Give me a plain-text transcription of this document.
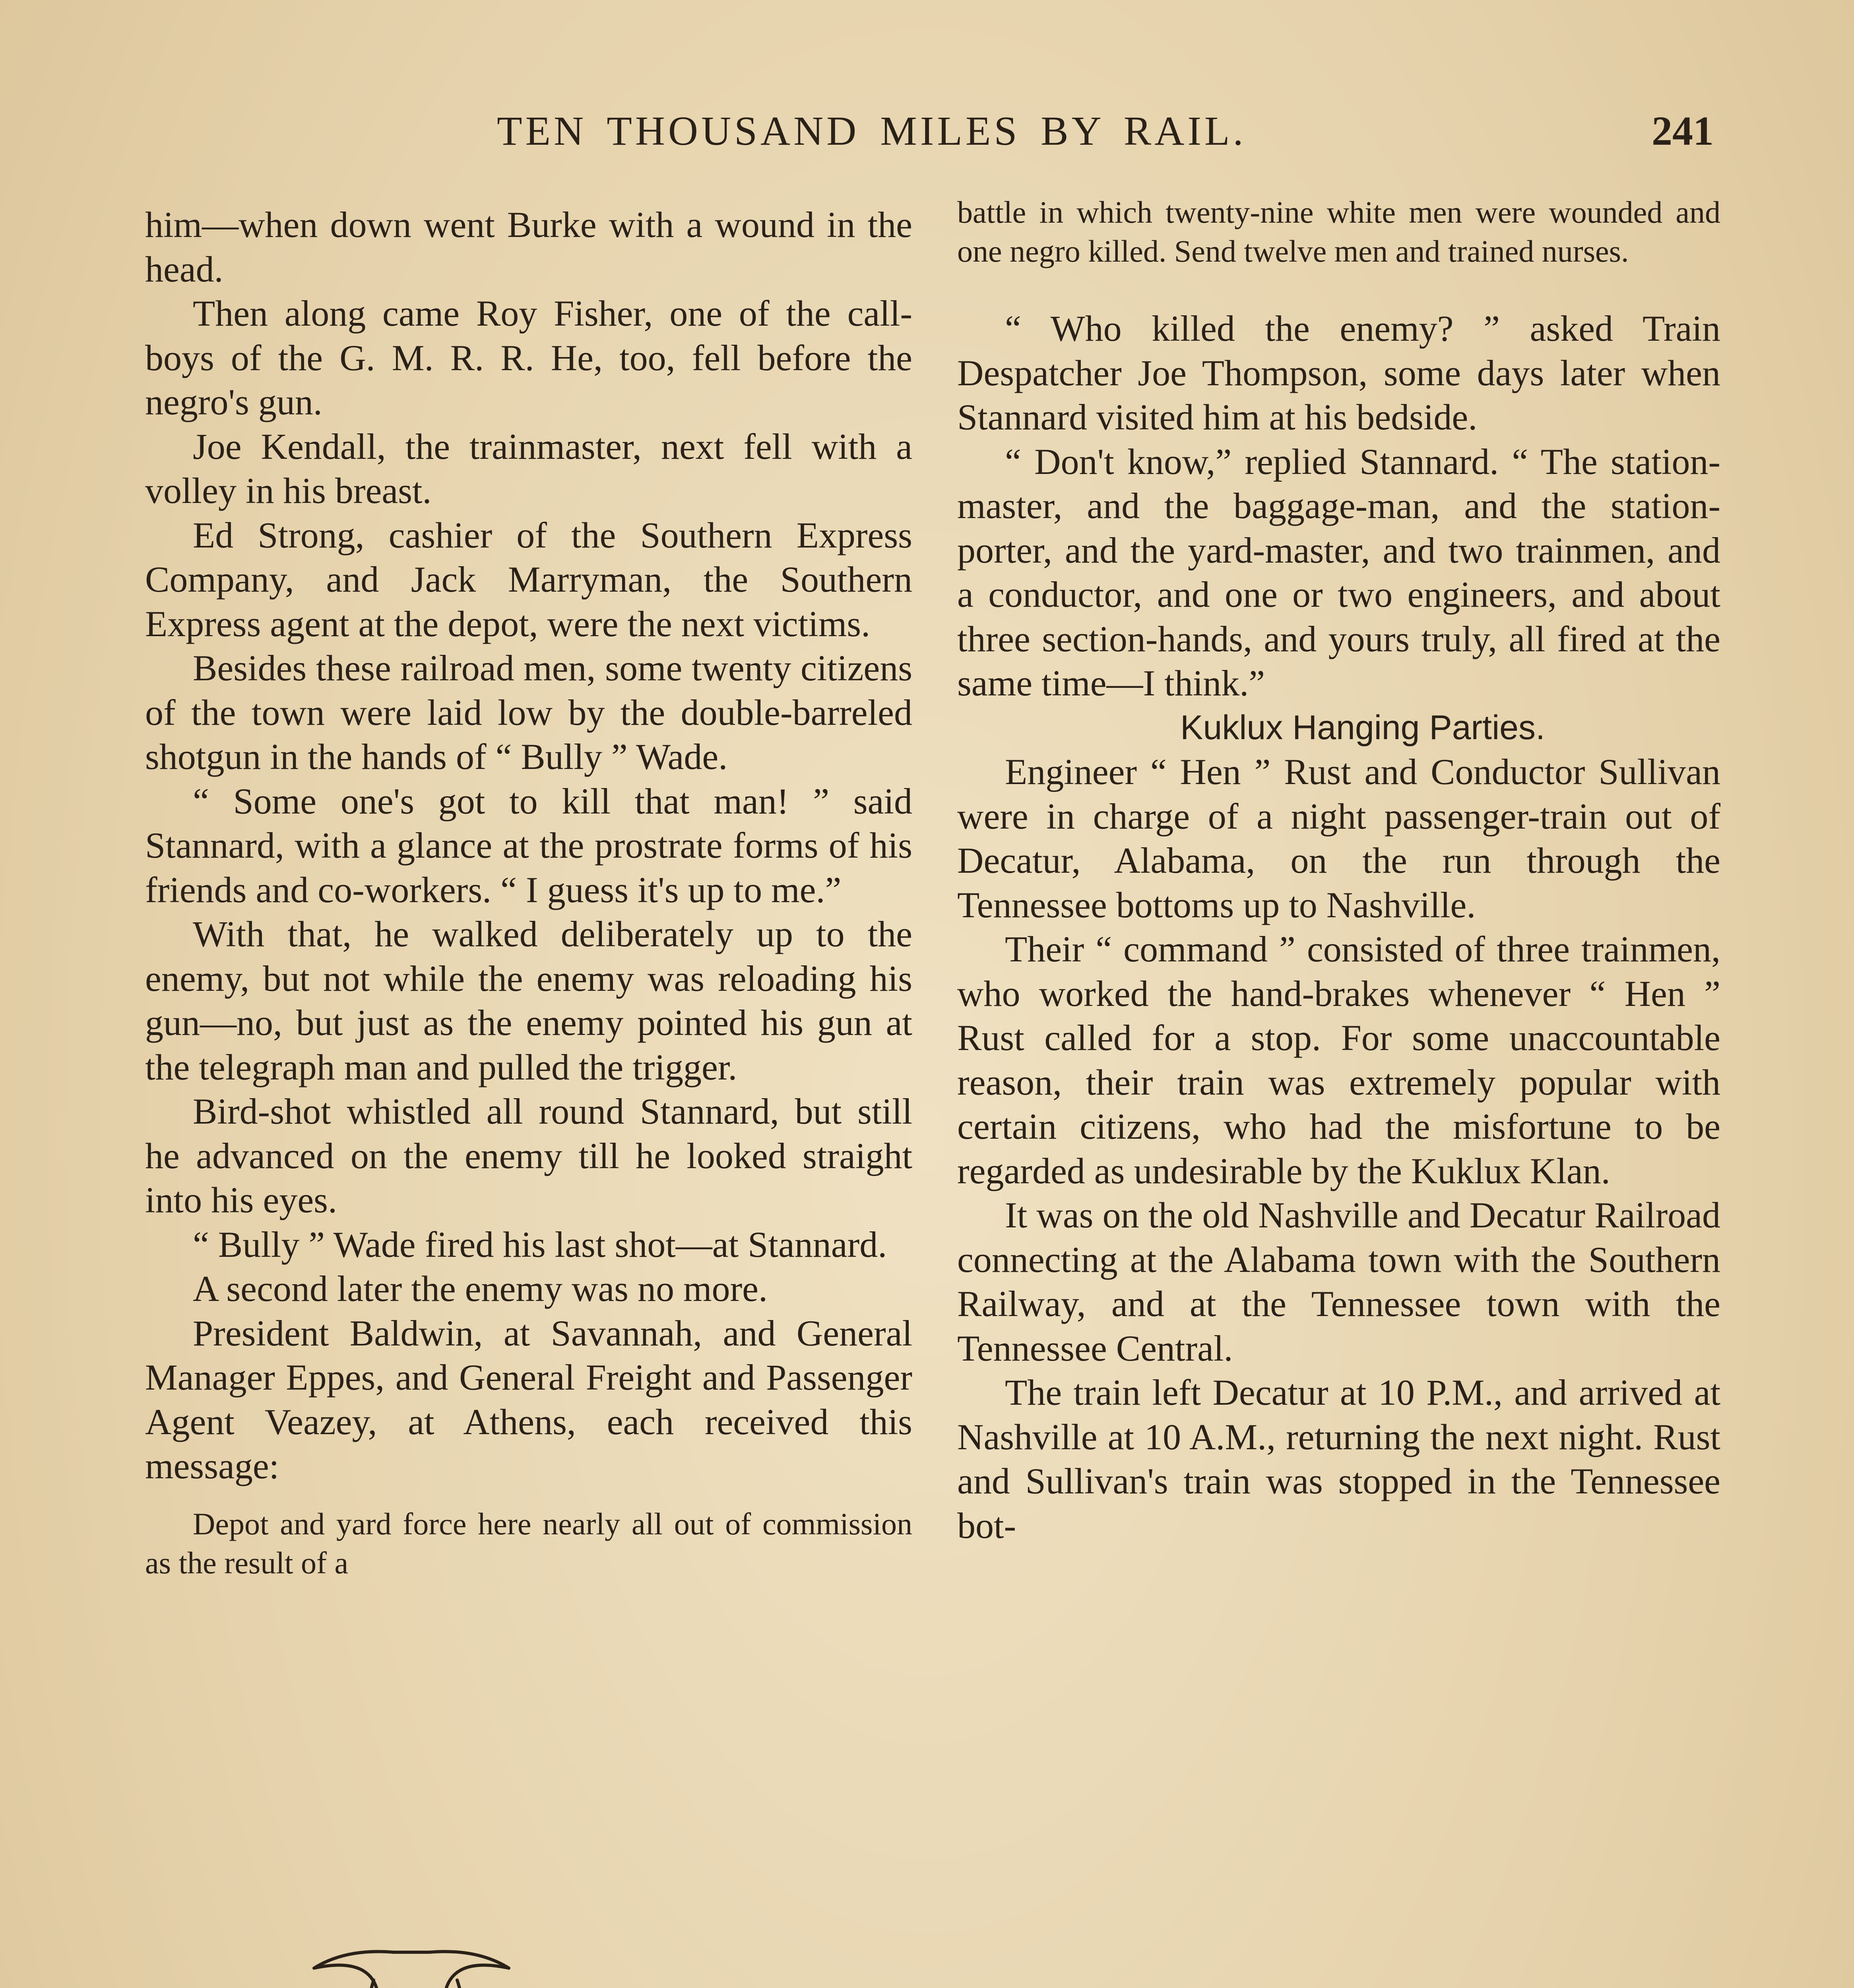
TEN THOUSAND MILES BY RAIL.	241

him—when down went Burke with a wound in the head.

Then along came Roy Fisher, one of the call-boys of the G. M. R. R. He, too, fell before the negro's gun.

Joe Kendall, the trainmaster, next fell with a volley in his breast.

Ed Strong, cashier of the Southern Express Company, and Jack Marryman, the Southern Express agent at the depot, were the next victims.

Besides these railroad men, some twenty citizens of the town were laid low by the double-barreled shotgun in the hands of “ Bully ” Wade.

“ Some one's got to kill that man! ” said Stannard, with a glance at the prostrate forms of his friends and co-workers. “ I guess it's up to me.”

With that, he walked deliberately up to the enemy, but not while the enemy was reloading his gun—no, but just as the enemy pointed his gun at the telegraph man and pulled the trigger.

Bird-shot whistled all round Stannard, but still he advanced on the enemy till he looked straight into his eyes.

“ Bully ” Wade fired his last shot—at Stannard.

A second later the enemy was no more.

President Baldwin, at Savannah, and General Manager Eppes, and General Freight and Passenger Agent Veazey, at Athens, each received this message:

Depot and yard force here nearly all out of commission as the result of a

battle in which twenty-nine white men were wounded and one negro killed. Send twelve men and trained nurses.

“ Who killed the enemy? ” asked Train Despatcher Joe Thompson, some days later when Stannard visited him at his bedside.

“ Don't know,” replied Stannard. “ The station-master, and the baggage-man, and the station-porter, and the yard-master, and two trainmen, and a conductor, and one or two engineers, and about three section-hands, and yours truly, all fired at the same time—I think.”

Kuklux Hanging Parties.

Engineer “ Hen ” Rust and Conductor Sullivan were in charge of a night passenger-train out of Decatur, Alabama, on the run through the Tennessee bottoms up to Nashville.

Their “ command ” consisted of three trainmen, who worked the hand-brakes whenever “ Hen ” Rust called for a stop. For some unaccountable reason, their train was extremely popular with certain citizens, who had the misfortune to be regarded as undesirable by the Kuklux Klan.

It was on the old Nashville and Decatur Railroad connecting at the Alabama town with the Southern Railway, and at the Tennessee town with the Tennessee Central.

The train left Decatur at 10 P.M., and arrived at Nashville at 10 A.M., returning the next night. Rust and Sullivan's train was stopped in the Tennessee bot-
